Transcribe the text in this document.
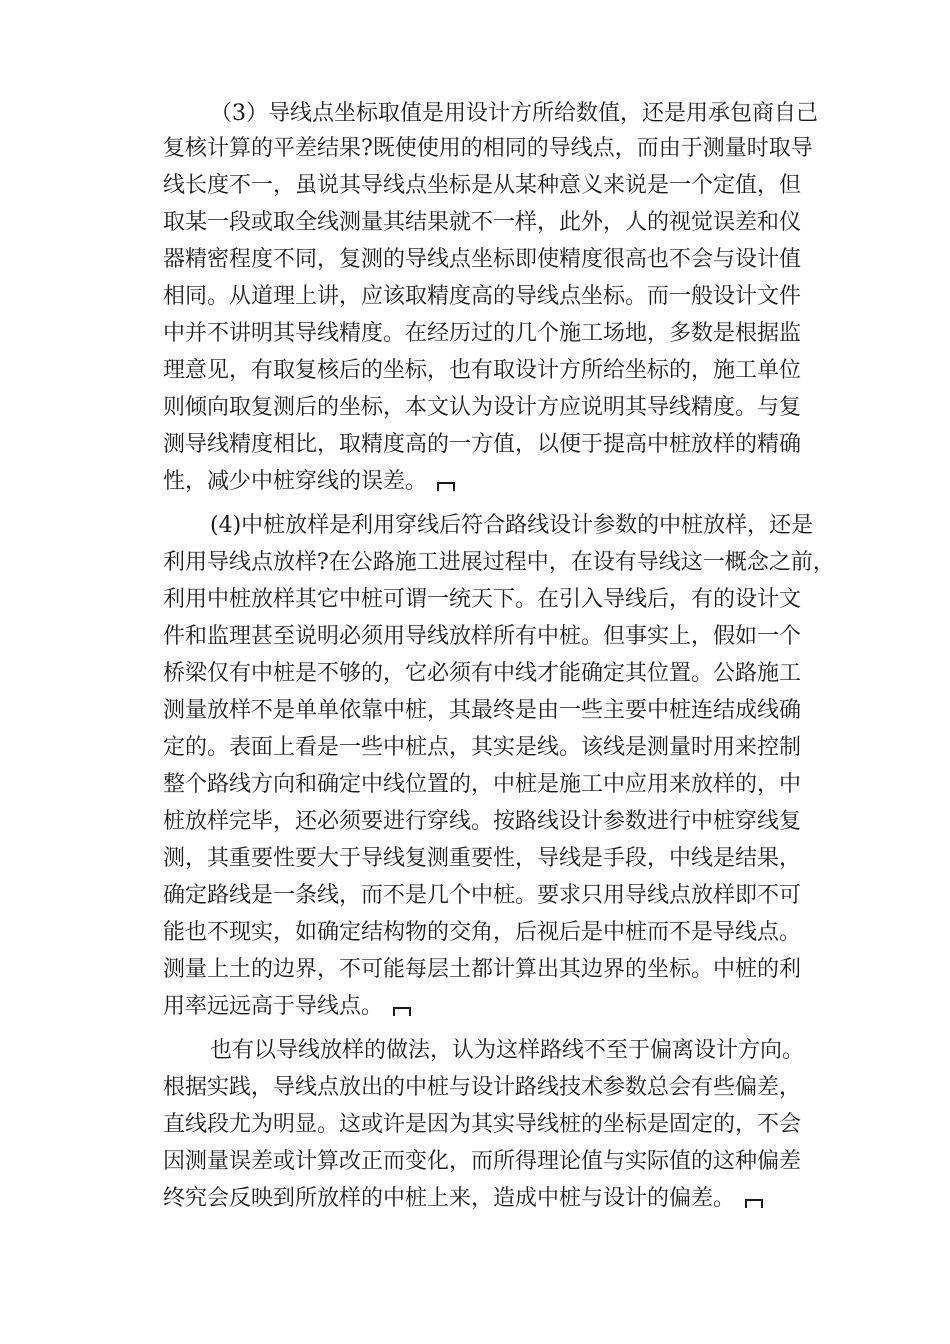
（3）导线点坐标取值是用设计方所给数值，还是用承包商自己
复核计算的平差结果?既使使用的相同的导线点，而由于测量时取导
线长度不一，虽说其导线点坐标是从某种意义来说是一个定值，但
取某一段或取全线测量其结果就不一样，此外，人的视觉误差和仪
器精密程度不同，复测的导线点坐标即使精度很高也不会与设计值
相同。从道理上讲，应该取精度高的导线点坐标。而一般设计文件
中并不讲明其导线精度。在经历过的几个施工场地，多数是根据监
理意见，有取复核后的坐标，也有取设计方所给坐标的，施工单位
则倾向取复测后的坐标，本文认为设计方应说明其导线精度。与复
测导线精度相比，取精度高的一方值，以便于提高中桩放样的精确
性，减少中桩穿线的误差。
(4)中桩放样是利用穿线后符合路线设计参数的中桩放样，还是
利用导线点放样?在公路施工进展过程中，在设有导线这一概念之前，
利用中桩放样其它中桩可谓一统天下。在引入导线后，有的设计文
件和监理甚至说明必须用导线放样所有中桩。但事实上，假如一个
桥梁仅有中桩是不够的，它必须有中线才能确定其位置。公路施工
测量放样不是单单依靠中桩，其最终是由一些主要中桩连结成线确
定的。表面上看是一些中桩点，其实是线。该线是测量时用来控制
整个路线方向和确定中线位置的，中桩是施工中应用来放样的，中
桩放样完毕，还必须要进行穿线。按路线设计参数进行中桩穿线复
测，其重要性要大于导线复测重要性，导线是手段，中线是结果，
确定路线是一条线，而不是几个中桩。要求只用导线点放样即不可
能也不现实，如确定结构物的交角，后视后是中桩而不是导线点。
测量上土的边界，不可能每层土都计算出其边界的坐标。中桩的利
用率远远高于导线点。
也有以导线放样的做法，认为这样路线不至于偏离设计方向。
根据实践，导线点放出的中桩与设计路线技术参数总会有些偏差，
直线段尤为明显。这或许是因为其实导线桩的坐标是固定的，不会
因测量误差或计算改正而变化，而所得理论值与实际值的这种偏差
终究会反映到所放样的中桩上来，造成中桩与设计的偏差。
